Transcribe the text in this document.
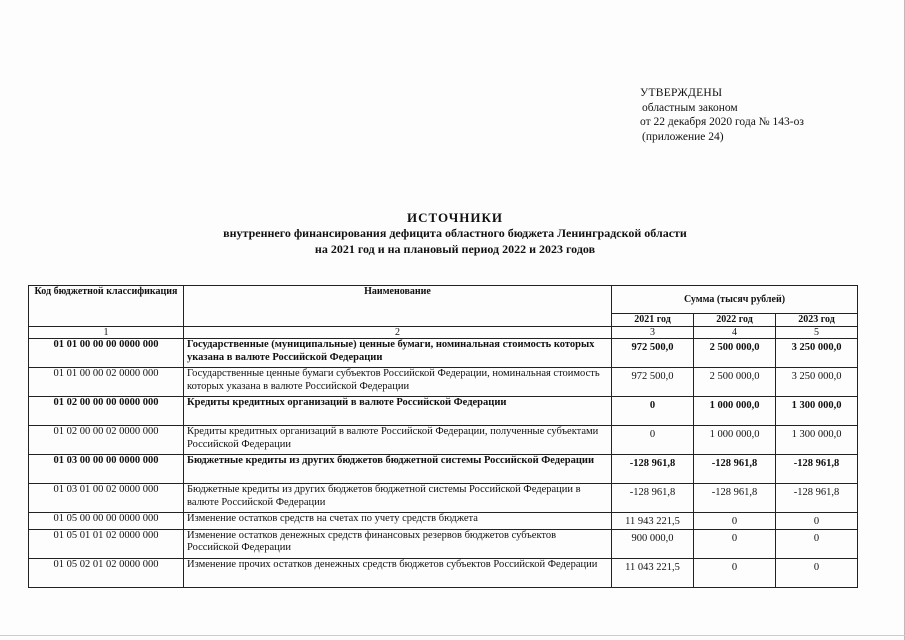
УТВЕРЖДЕНЫ
областным законом
от 22 декабря 2020 года № 143-оз
(приложение 24)
ИСТОЧНИКИ
внутреннего финансирования дефицита областного бюджета Ленинградской области
на 2021 год и на плановый период 2022 и 2023 годов
Код бюджетной классификация	Наименование	Сумма (тысяч рублей)		
		2021 год	2022 год	2023 год
1	2	3	4	5
01 01 00 00 00 0000 000	Государственные (муниципальные) ценные бумаги, номинальная стоимость которых указана в валюте Российской Федерации	972 500,0	2 500 000,0	3 250 000,0
01 01 00 00 02 0000 000	Государственные ценные бумаги субъектов Российской Федерации, номинальная стоимость которых указана в валюте Российской Федерации	972 500,0	2 500 000,0	3 250 000,0
01 02 00 00 00 0000 000	Кредиты кредитных организаций в валюте Российской Федерации	0	1 000 000,0	1 300 000,0
01 02 00 00 02 0000 000	Кредиты кредитных организаций в валюте Российской Федерации, полученные субъектами Российской Федерации	0	1 000 000,0	1 300 000,0
01 03 00 00 00 0000 000	Бюджетные кредиты из других бюджетов бюджетной системы Российской Федерации	-128 961,8	-128 961,8	-128 961,8
01 03 01 00 02 0000 000	Бюджетные кредиты из других бюджетов бюджетной системы Российской Федерации в валюте Российской Федерации	-128 961,8	-128 961,8	-128 961,8
01 05 00 00 00 0000 000	Изменение остатков средств на счетах по учету средств бюджета	11 943 221,5	0	0
01 05 01 01 02 0000 000	Изменение остатков денежных средств финансовых резервов бюджетов субъектов Российской Федерации	900 000,0	0	0
01 05 02 01 02 0000 000	Изменение прочих остатков денежных средств бюджетов субъектов Российской Федерации	11 043 221,5	0	0
